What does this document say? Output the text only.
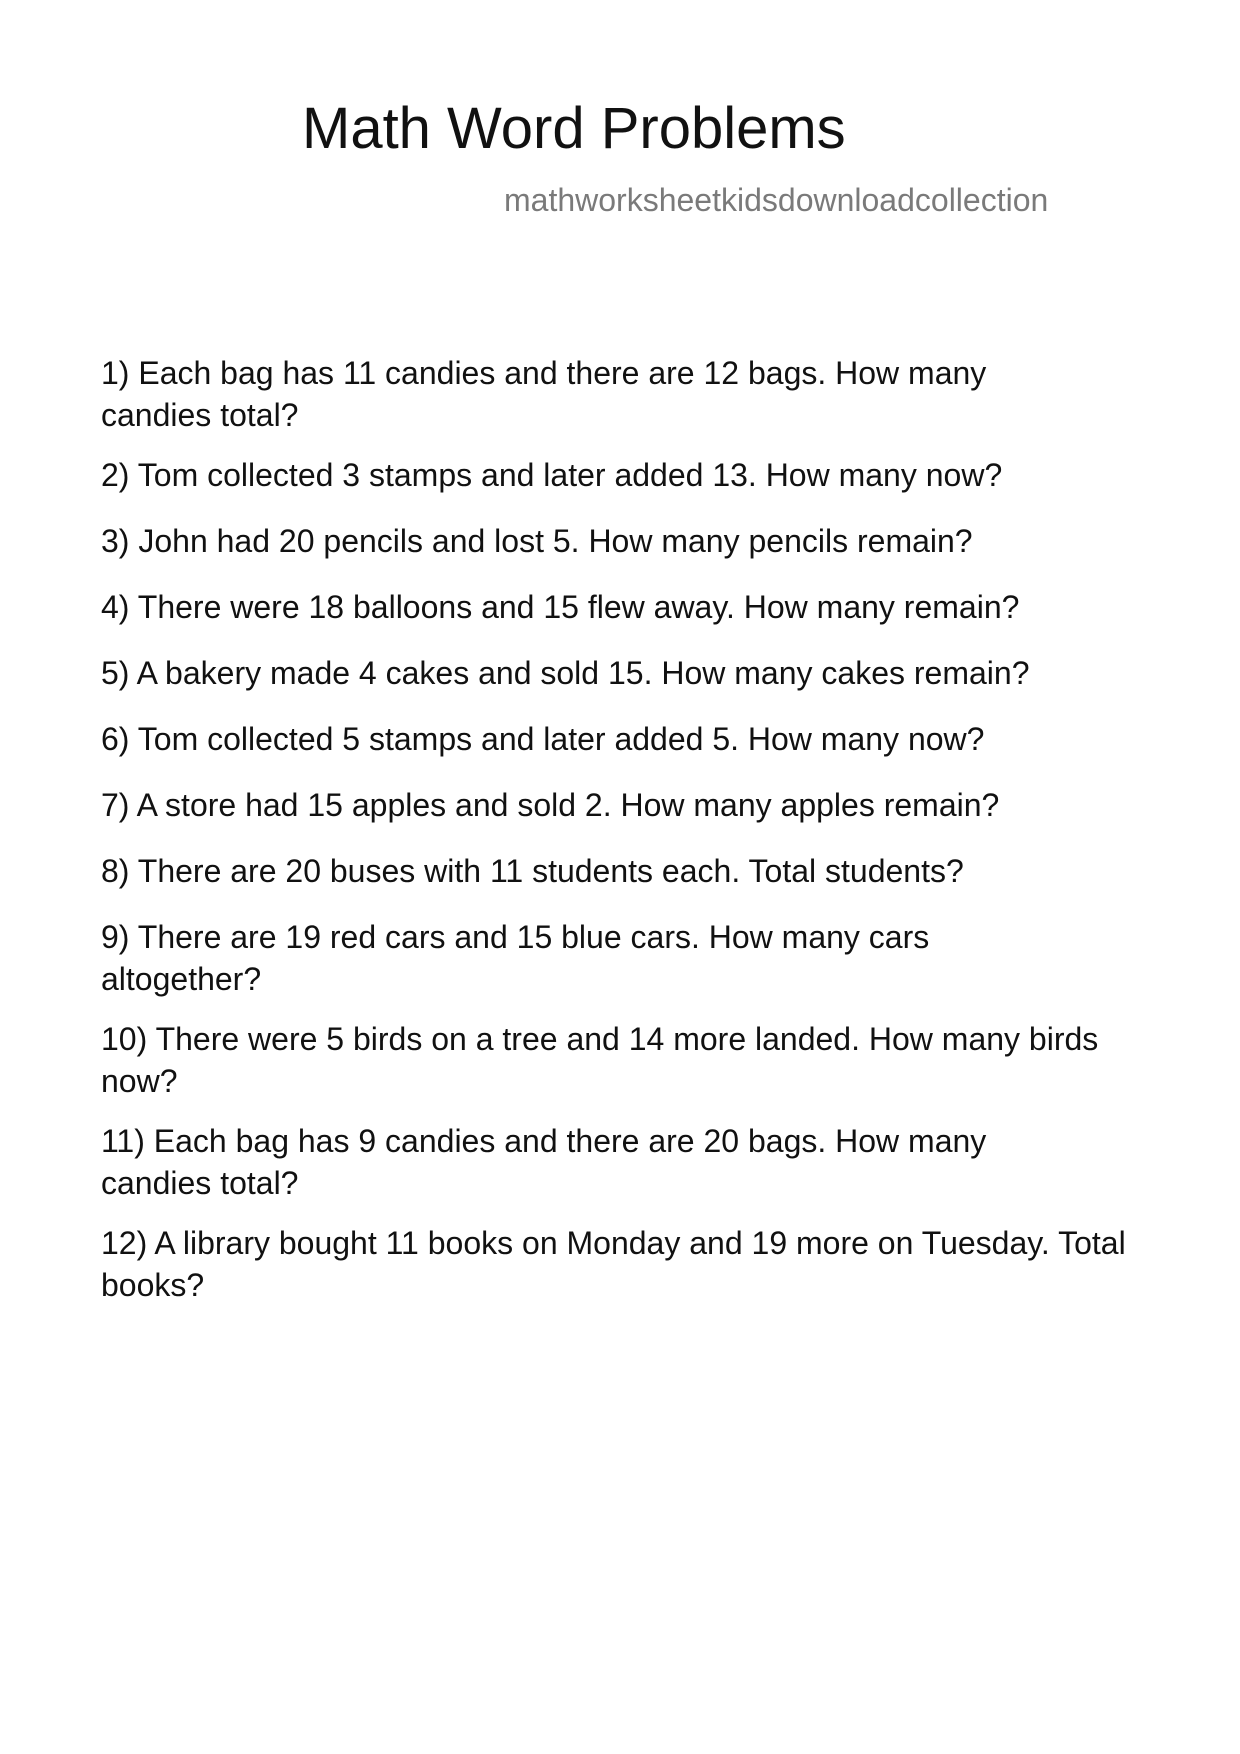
Math Word Problems
mathworksheetkidsdownloadcollection
1) Each bag has 11 candies and there are 12 bags. How many candies total?
2) Tom collected 3 stamps and later added 13. How many now?
3) John had 20 pencils and lost 5. How many pencils remain?
4) There were 18 balloons and 15 flew away. How many remain?
5) A bakery made 4 cakes and sold 15. How many cakes remain?
6) Tom collected 5 stamps and later added 5. How many now?
7) A store had 15 apples and sold 2. How many apples remain?
8) There are 20 buses with 11 students each. Total students?
9) There are 19 red cars and 15 blue cars. How many cars altogether?
10) There were 5 birds on a tree and 14 more landed. How many birds now?
11) Each bag has 9 candies and there are 20 bags. How many candies total?
12) A library bought 11 books on Monday and 19 more on Tuesday. Total books?
